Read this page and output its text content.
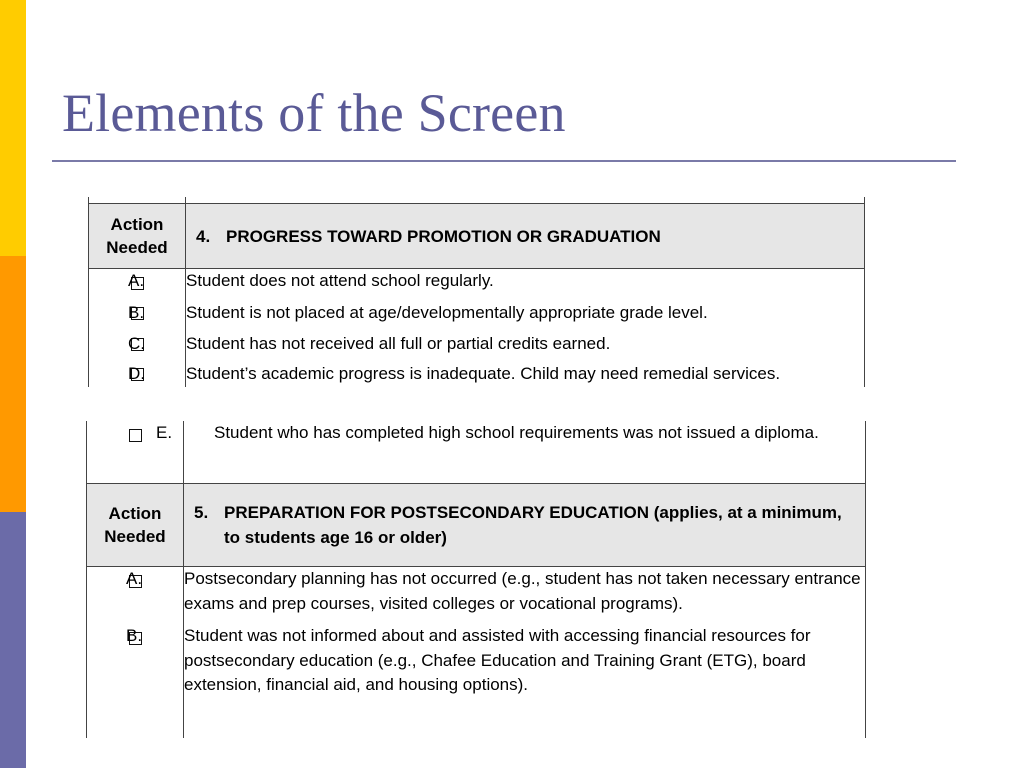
Elements of the Screen

Action
Needed	4. PROGRESS TOWARD PROMOTION OR GRADUATION

	A. Student does not attend school regularly.
	B. Student is not placed at age/developmentally appropriate grade level.
	C. Student has not received all full or partial credits earned.
	D. Student’s academic progress is inadequate. Child may need remedial services.
	E. Student who has completed high school requirements was not issued a diploma.

Action
Needed	5. PREPARATION FOR POSTSECONDARY EDUCATION (applies, at a minimum, to students age 16 or older)

	A. Postsecondary planning has not occurred (e.g., student has not taken necessary entrance exams and prep courses, visited colleges or vocational programs).
	B. Student was not informed about and assisted with accessing financial resources for postsecondary education (e.g., Chafee Education and Training Grant (ETG), board extension, financial aid, and housing options).
